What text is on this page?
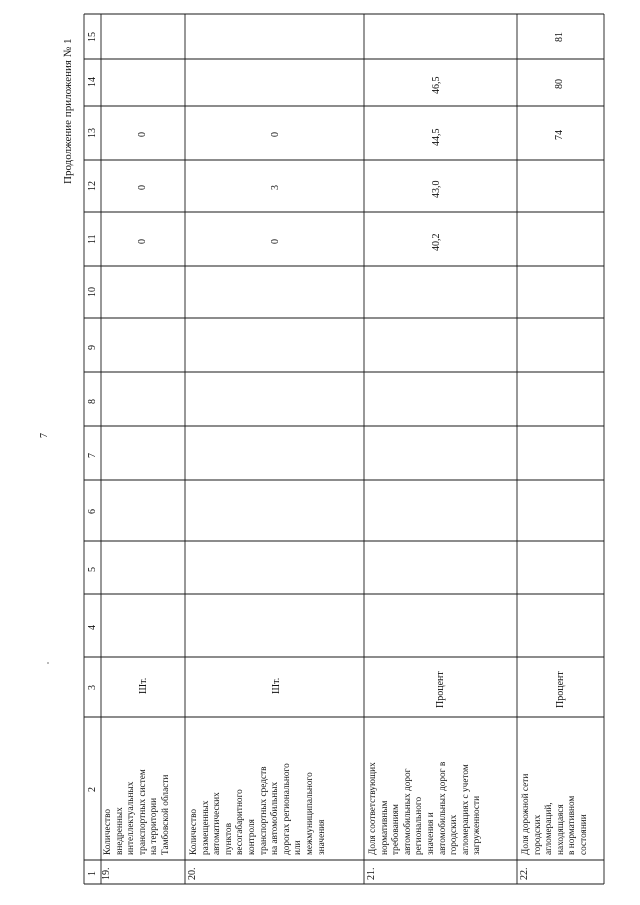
7
Продолжение приложения № 1
15
14
13
12
11
10
9
8
7
6
5
4
3
2
1 19.
Количество
внедренных
интеллектуальных
транспортных систем
на территории
Тамбовской области
Шт.
0
0
0
20.
Количество
размещенных
автоматических
пунктов
весогабаритного
контроля
транспортных средств
на автомобильных
дорогах регионального
или
межмуниципального
значения
Шт.
0
3
0
21.
Доля соответствующих
нормативным
требованиям
автомобильных дорог
регионального
значения и
автомобильных дорог в
городских
агломерациях с учетом
загруженности
Процент
40,2
43,0
44,5
46,5
22.
Доля дорожной сети
городских
агломераций,
находящаяся
в нормативном
состоянии
Процент
74
80
81
